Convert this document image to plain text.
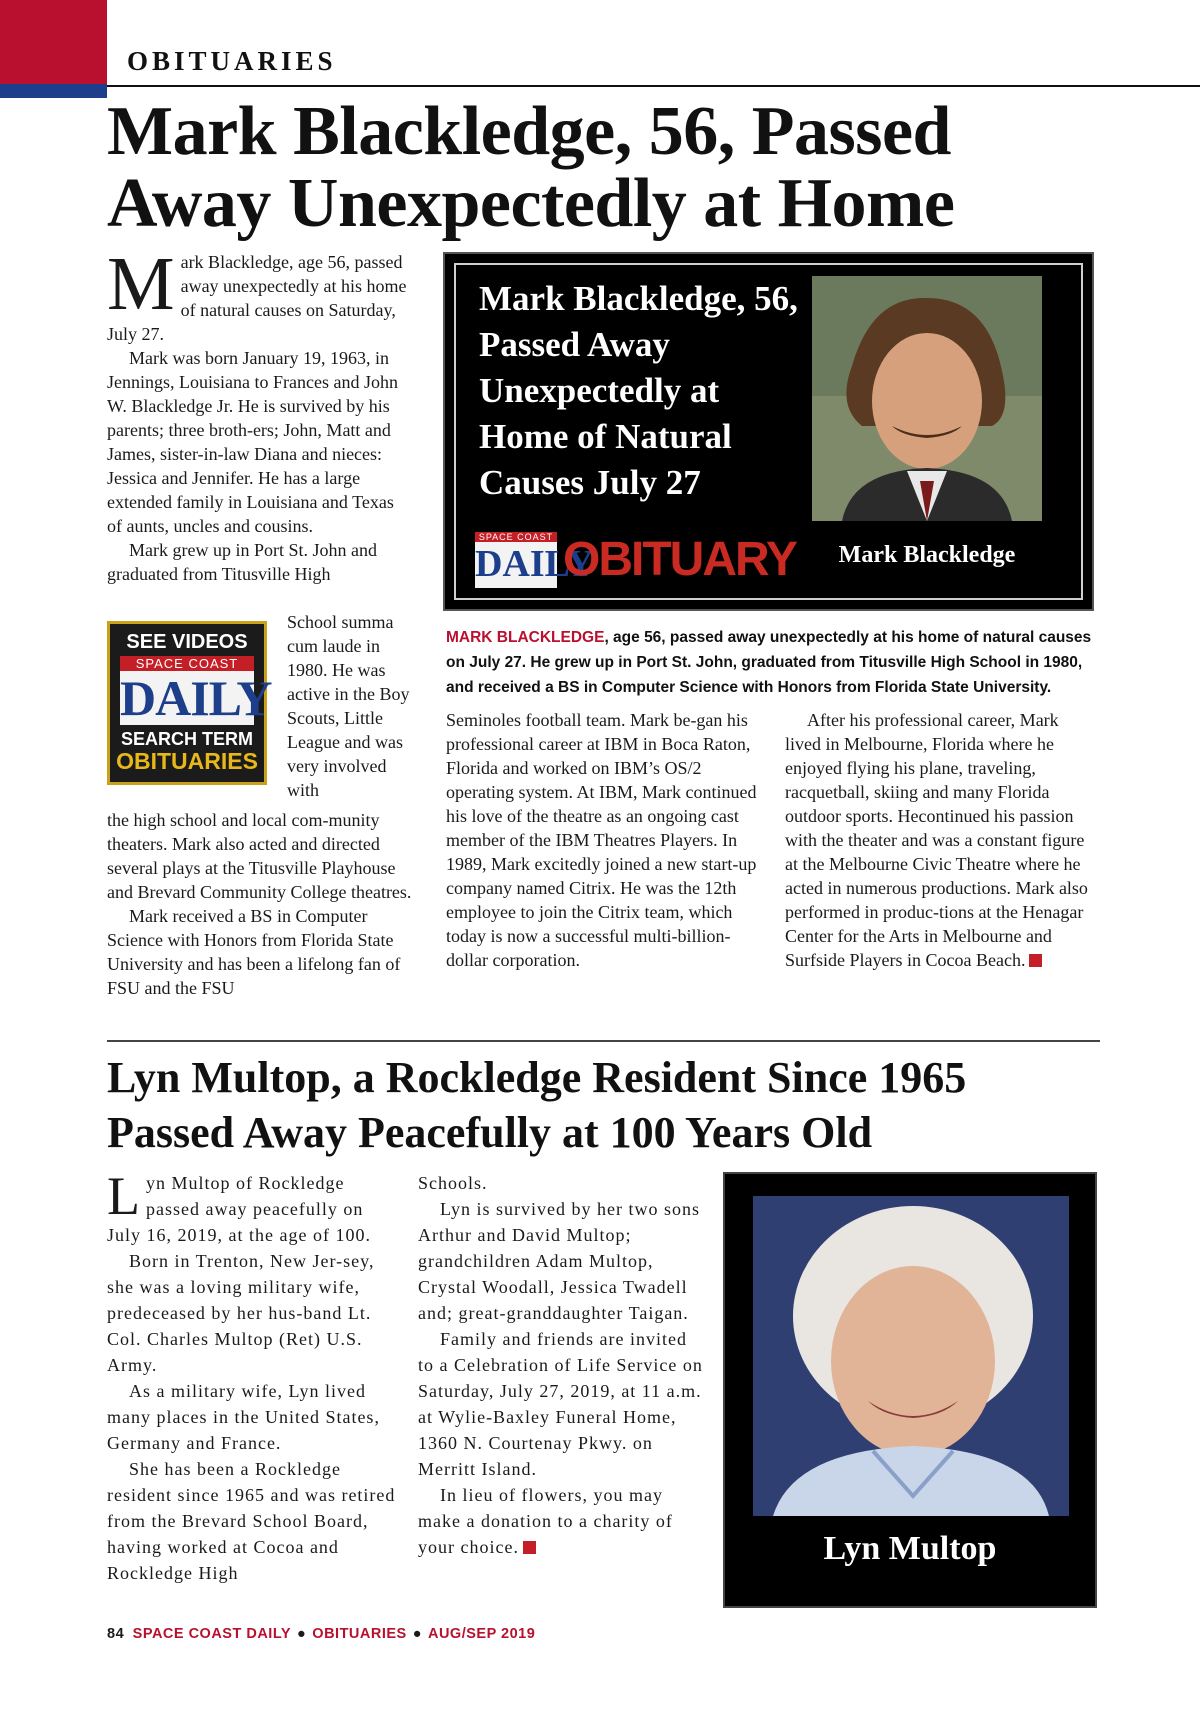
OBITUARIES
Mark Blackledge, 56, Passed
Away Unexpectedly at Home

Mark Blackledge, age 56, passed away unexpectedly at his home of natural causes on Saturday, July 27.

Mark was born January 19, 1963, in Jennings, Louisiana to Frances and John W. Blackledge Jr. He is survived by his parents; three broth-ers; John, Matt and James, sister-in-law Diana and nieces: Jessica and Jennifer. He has a large extended family in Louisiana and Texas of aunts, uncles and cousins.

Mark grew up in Port St. John and graduated from Titusville High

School summa cum laude in 1980. He was active in the Boy Scouts, Little League and was very involved with

SEE VIDEOS
SPACE COAST
DAILY
SEARCH TERM
OBITUARIES

the high school and local com-munity theaters. Mark also acted and directed several plays at the Titusville Playhouse and Brevard Community College theatres.

Mark received a BS in Computer Science with Honors from Florida State University and has been a lifelong fan of FSU and the FSU

Mark Blackledge, 56, Passed Away Unexpectedly at Home of Natural Causes July 27
Mark Blackledge
SPACE COAST
DAILY
OBITUARY
MARK BLACKLEDGE, age 56, passed away unexpectedly at his home of natural causes on July 27. He grew up in Port St. John, graduated from Titusville High School in 1980, and received a BS in Computer Science with Honors from Florida State University.

Seminoles football team. Mark be-gan his professional career at IBM in Boca Raton, Florida and worked on IBM’s OS/2 operating system. At IBM, Mark continued his love of the theatre as an ongoing cast member of the IBM Theatres Players. In 1989, Mark excitedly joined a new start-up company named Citrix. He was the 12th employee to join the Citrix team, which today is now a successful multi-billion-dollar corporation.

After his professional career, Mark lived in Melbourne, Florida where he enjoyed flying his plane, traveling, racquetball, skiing and many Florida outdoor sports. Hecontinued his passion with the theater and was a constant figure at the Melbourne Civic Theatre where he acted in numerous productions. Mark also performed in produc-tions at the Henagar Center for the Arts in Melbourne and Surfside Players in Cocoa Beach.

Lyn Multop, a Rockledge Resident Since 1965
Passed Away Peacefully at 100 Years Old

Lyn Multop of Rockledge passed away peacefully on July 16, 2019, at the age of 100.

Born in Trenton, New Jer-sey, she was a loving military wife, predeceased by her hus-band Lt. Col. Charles Multop (Ret) U.S. Army.

As a military wife, Lyn lived many places in the United States, Germany and France.

She has been a Rockledge resident since 1965 and was retired from the Brevard School Board, having worked at Cocoa and Rockledge High

Schools.

Lyn is survived by her two sons Arthur and David Multop; grandchildren Adam Multop, Crystal Woodall, Jessica Twadell and; great-granddaughter Taigan.

Family and friends are invited to a Celebration of Life Service on Saturday, July 27, 2019, at 11 a.m. at Wylie-Baxley Funeral Home, 1360 N. Courtenay Pkwy. on Merritt Island.

In lieu of flowers, you may make a donation to a charity of your choice.	Lyn Multop
84 SPACE COAST DAILY ● OBITUARIES ● AUG/SEP 2019
